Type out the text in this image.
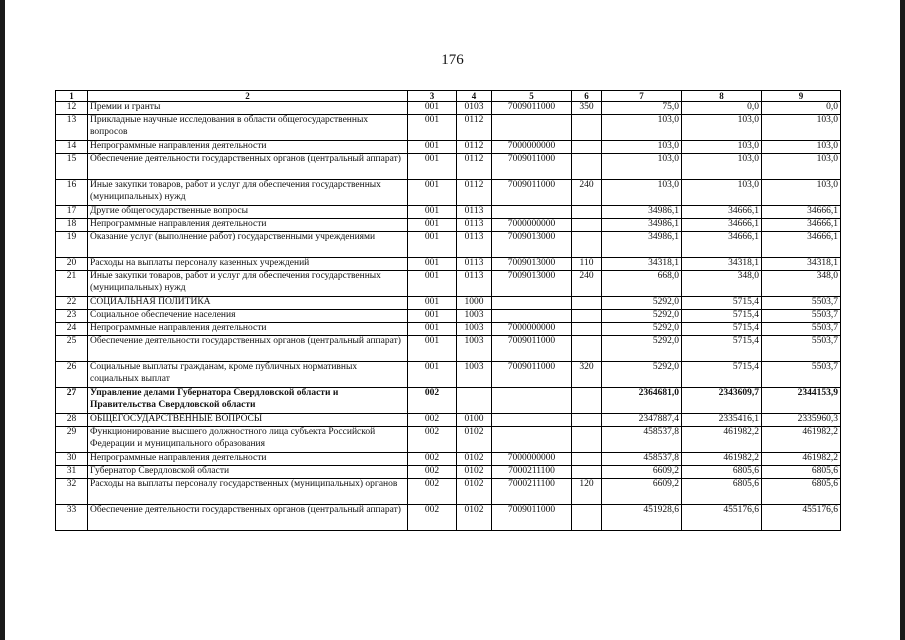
176
1	2	3	4	5	6	7	8	9
12	Премии и гранты	001	0103	7009011000	350	75,0	0,0	0,0
13	Прикладные научные исследования в области общегосударственных вопросов	001	0112			103,0	103,0	103,0
14	Непрограммные направления деятельности	001	0112	7000000000		103,0	103,0	103,0
15	Обеспечение деятельности государственных органов (центральный аппарат)	001	0112	7009011000		103,0	103,0	103,0
16	Иные закупки товаров, работ и услуг для обеспечения государственных (муниципальных) нужд	001	0112	7009011000	240	103,0	103,0	103,0
17	Другие общегосударственные вопросы	001	0113			34986,1	34666,1	34666,1
18	Непрограммные направления деятельности	001	0113	7000000000		34986,1	34666,1	34666,1
19	Оказание услуг (выполнение работ) государственными учреждениями	001	0113	7009013000		34986,1	34666,1	34666,1
20	Расходы на выплаты персоналу казенных учреждений	001	0113	7009013000	110	34318,1	34318,1	34318,1
21	Иные закупки товаров, работ и услуг для обеспечения государственных (муниципальных) нужд	001	0113	7009013000	240	668,0	348,0	348,0
22	СОЦИАЛЬНАЯ ПОЛИТИКА	001	1000			5292,0	5715,4	5503,7
23	Социальное обеспечение населения	001	1003			5292,0	5715,4	5503,7
24	Непрограммные направления деятельности	001	1003	7000000000		5292,0	5715,4	5503,7
25	Обеспечение деятельности государственных органов (центральный аппарат)	001	1003	7009011000		5292,0	5715,4	5503,7
26	Социальные выплаты гражданам, кроме публичных нормативных социальных выплат	001	1003	7009011000	320	5292,0	5715,4	5503,7
27	Управление делами Губернатора Свердловской области и Правительства Свердловской области	002				2364681,0	2343609,7	2344153,9
28	ОБЩЕГОСУДАРСТВЕННЫЕ ВОПРОСЫ	002	0100			2347887,4	2335416,1	2335960,3
29	Функционирование высшего должностного лица субъекта Российской Федерации и муниципального образования	002	0102			458537,8	461982,2	461982,2
30	Непрограммные направления деятельности	002	0102	7000000000		458537,8	461982,2	461982,2
31	Губернатор Свердловской области	002	0102	7000211100		6609,2	6805,6	6805,6
32	Расходы на выплаты персоналу государственных (муниципальных) органов	002	0102	7000211100	120	6609,2	6805,6	6805,6
33	Обеспечение деятельности государственных органов (центральный аппарат)	002	0102	7009011000		451928,6	455176,6	455176,6
